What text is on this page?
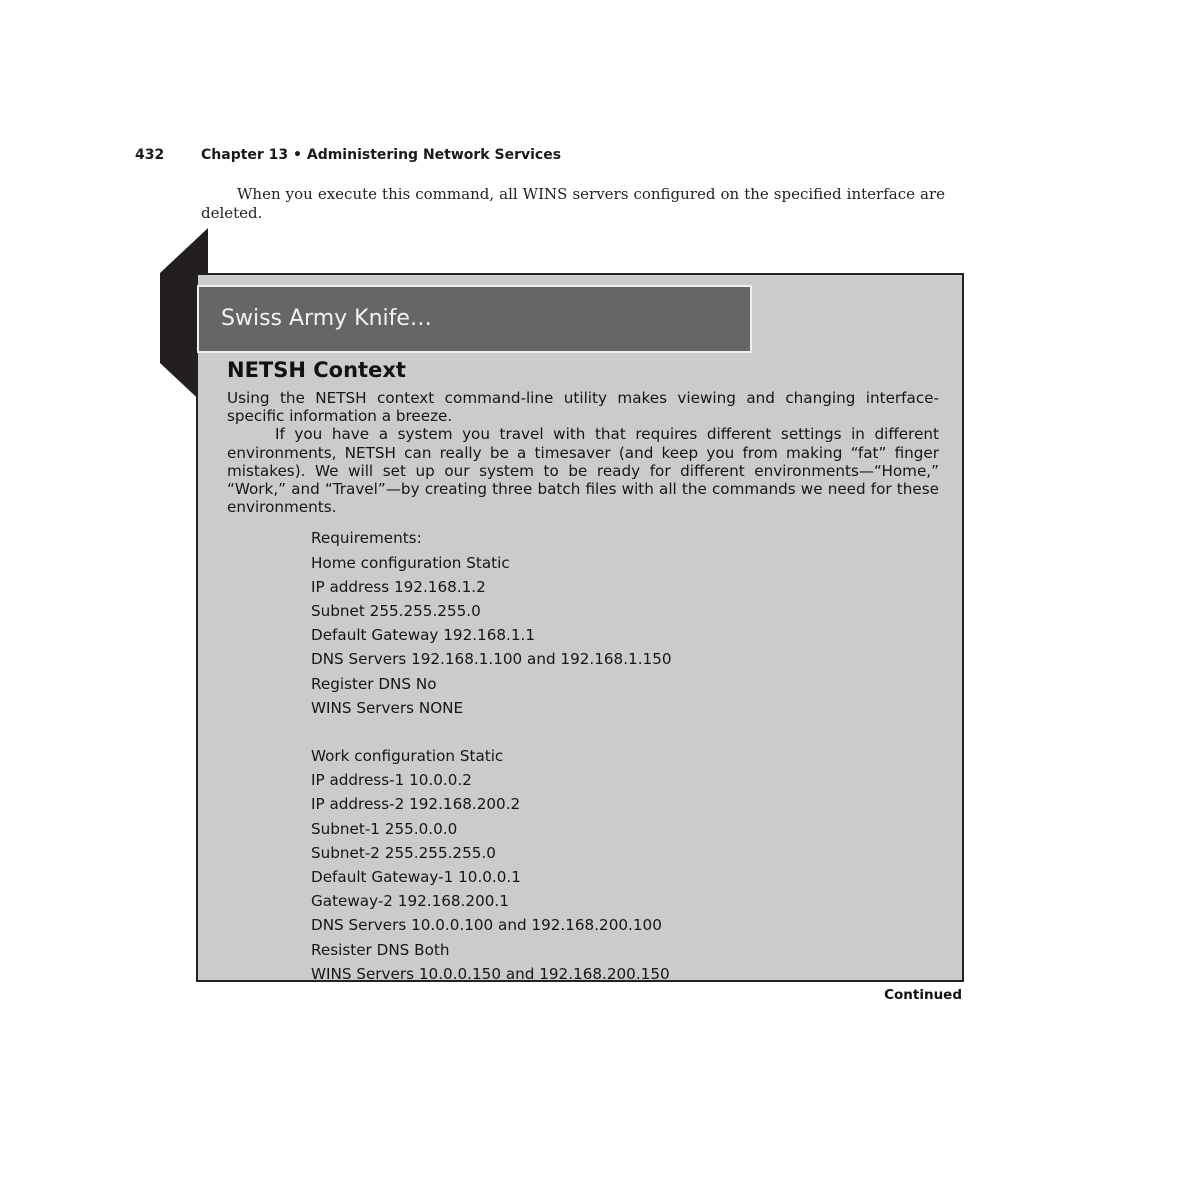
432	Chapter 13 • Administering Network Services

When you execute this command, all WINS servers configured on the specified interface are deleted.

Swiss Army Knife…
NETSH Context

Using the NETSH context command-line utility makes viewing and changing interface-specific information a breeze.

If you have a system you travel with that requires different settings in different environments, NETSH can really be a timesaver (and keep you from making “fat” finger mistakes). We will set up our system to be ready for different environments—“Home,” “Work,” and “Travel”—by creating three batch files with all the commands we need for these environments.

Requirements:
Home configuration Static
IP address 192.168.1.2
Subnet 255.255.255.0
Default Gateway 192.168.1.1
DNS Servers 192.168.1.100 and 192.168.1.150
Register DNS No
WINS Servers NONE
Work configuration Static
IP address-1 10.0.0.2
IP address-2 192.168.200.2
Subnet-1 255.0.0.0
Subnet-2 255.255.255.0
Default Gateway-1 10.0.0.1
Gateway-2 192.168.200.1
DNS Servers 10.0.0.100 and 192.168.200.100
Resister DNS Both
WINS Servers 10.0.0.150 and 192.168.200.150
Continued
